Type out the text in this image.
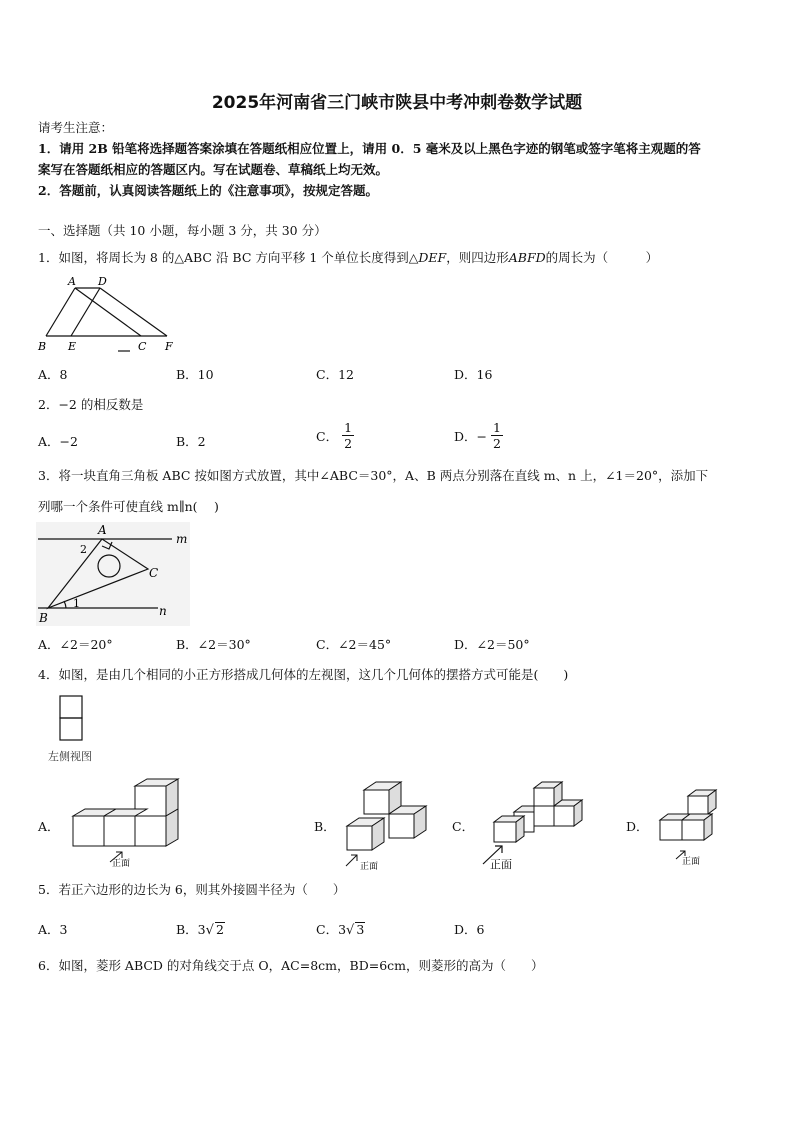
2025年河南省三门峡市陕县中考冲刺卷数学试题
请考生注意：
1．请用 2B 铅笔将选择题答案涂填在答题纸相应位置上，请用 0．5 毫米及以上黑色字迹的钢笔或签字笔将主观题的答
案写在答题纸相应的答题区内。写在试题卷、草稿纸上均无效。
2．答题前，认真阅读答题纸上的《注意事项》，按规定答题。
一、选择题（共 10 小题，每小题 3 分，共 30 分）
1．如图，将周长为 8 的△ABC 沿 BC 方向平移 1 个单位长度得到△DEF，则四边形ABFD的周长为（　　　）
A D
B E	C F
A．8	B．10	C．12	D．16
2．−2 的相反数是
A．−2	B．2	C． $\frac{1}{2}$	D．− $\frac{1}{2}$
3．将一块直角三角板 ABC 按如图方式放置，其中∠ABC＝30°，A、B 两点分别落在直线 m、n 上，∠1＝20°，添加下
列哪一个条件可使直线 m∥n(　 )
A
B
C
m
n
1
2
A．∠2＝20°	B．∠2＝30°	C．∠2＝45°	D．∠2＝50°
4．如图，是由几个相同的小正方形搭成几何体的左视图，这几个几何体的摆搭方式可能是(　　)
左侧视图
A．
正面
B．
正面
C．
正面
D．
正面
5．若正六边形的边长为 6，则其外接圆半径为（　　）
A．3	B．3√ 2	C．3√ 3	D．6
6．如图，菱形 ABCD 的对角线交于点 O，AC=8cm，BD=6cm，则菱形的高为（　　）
